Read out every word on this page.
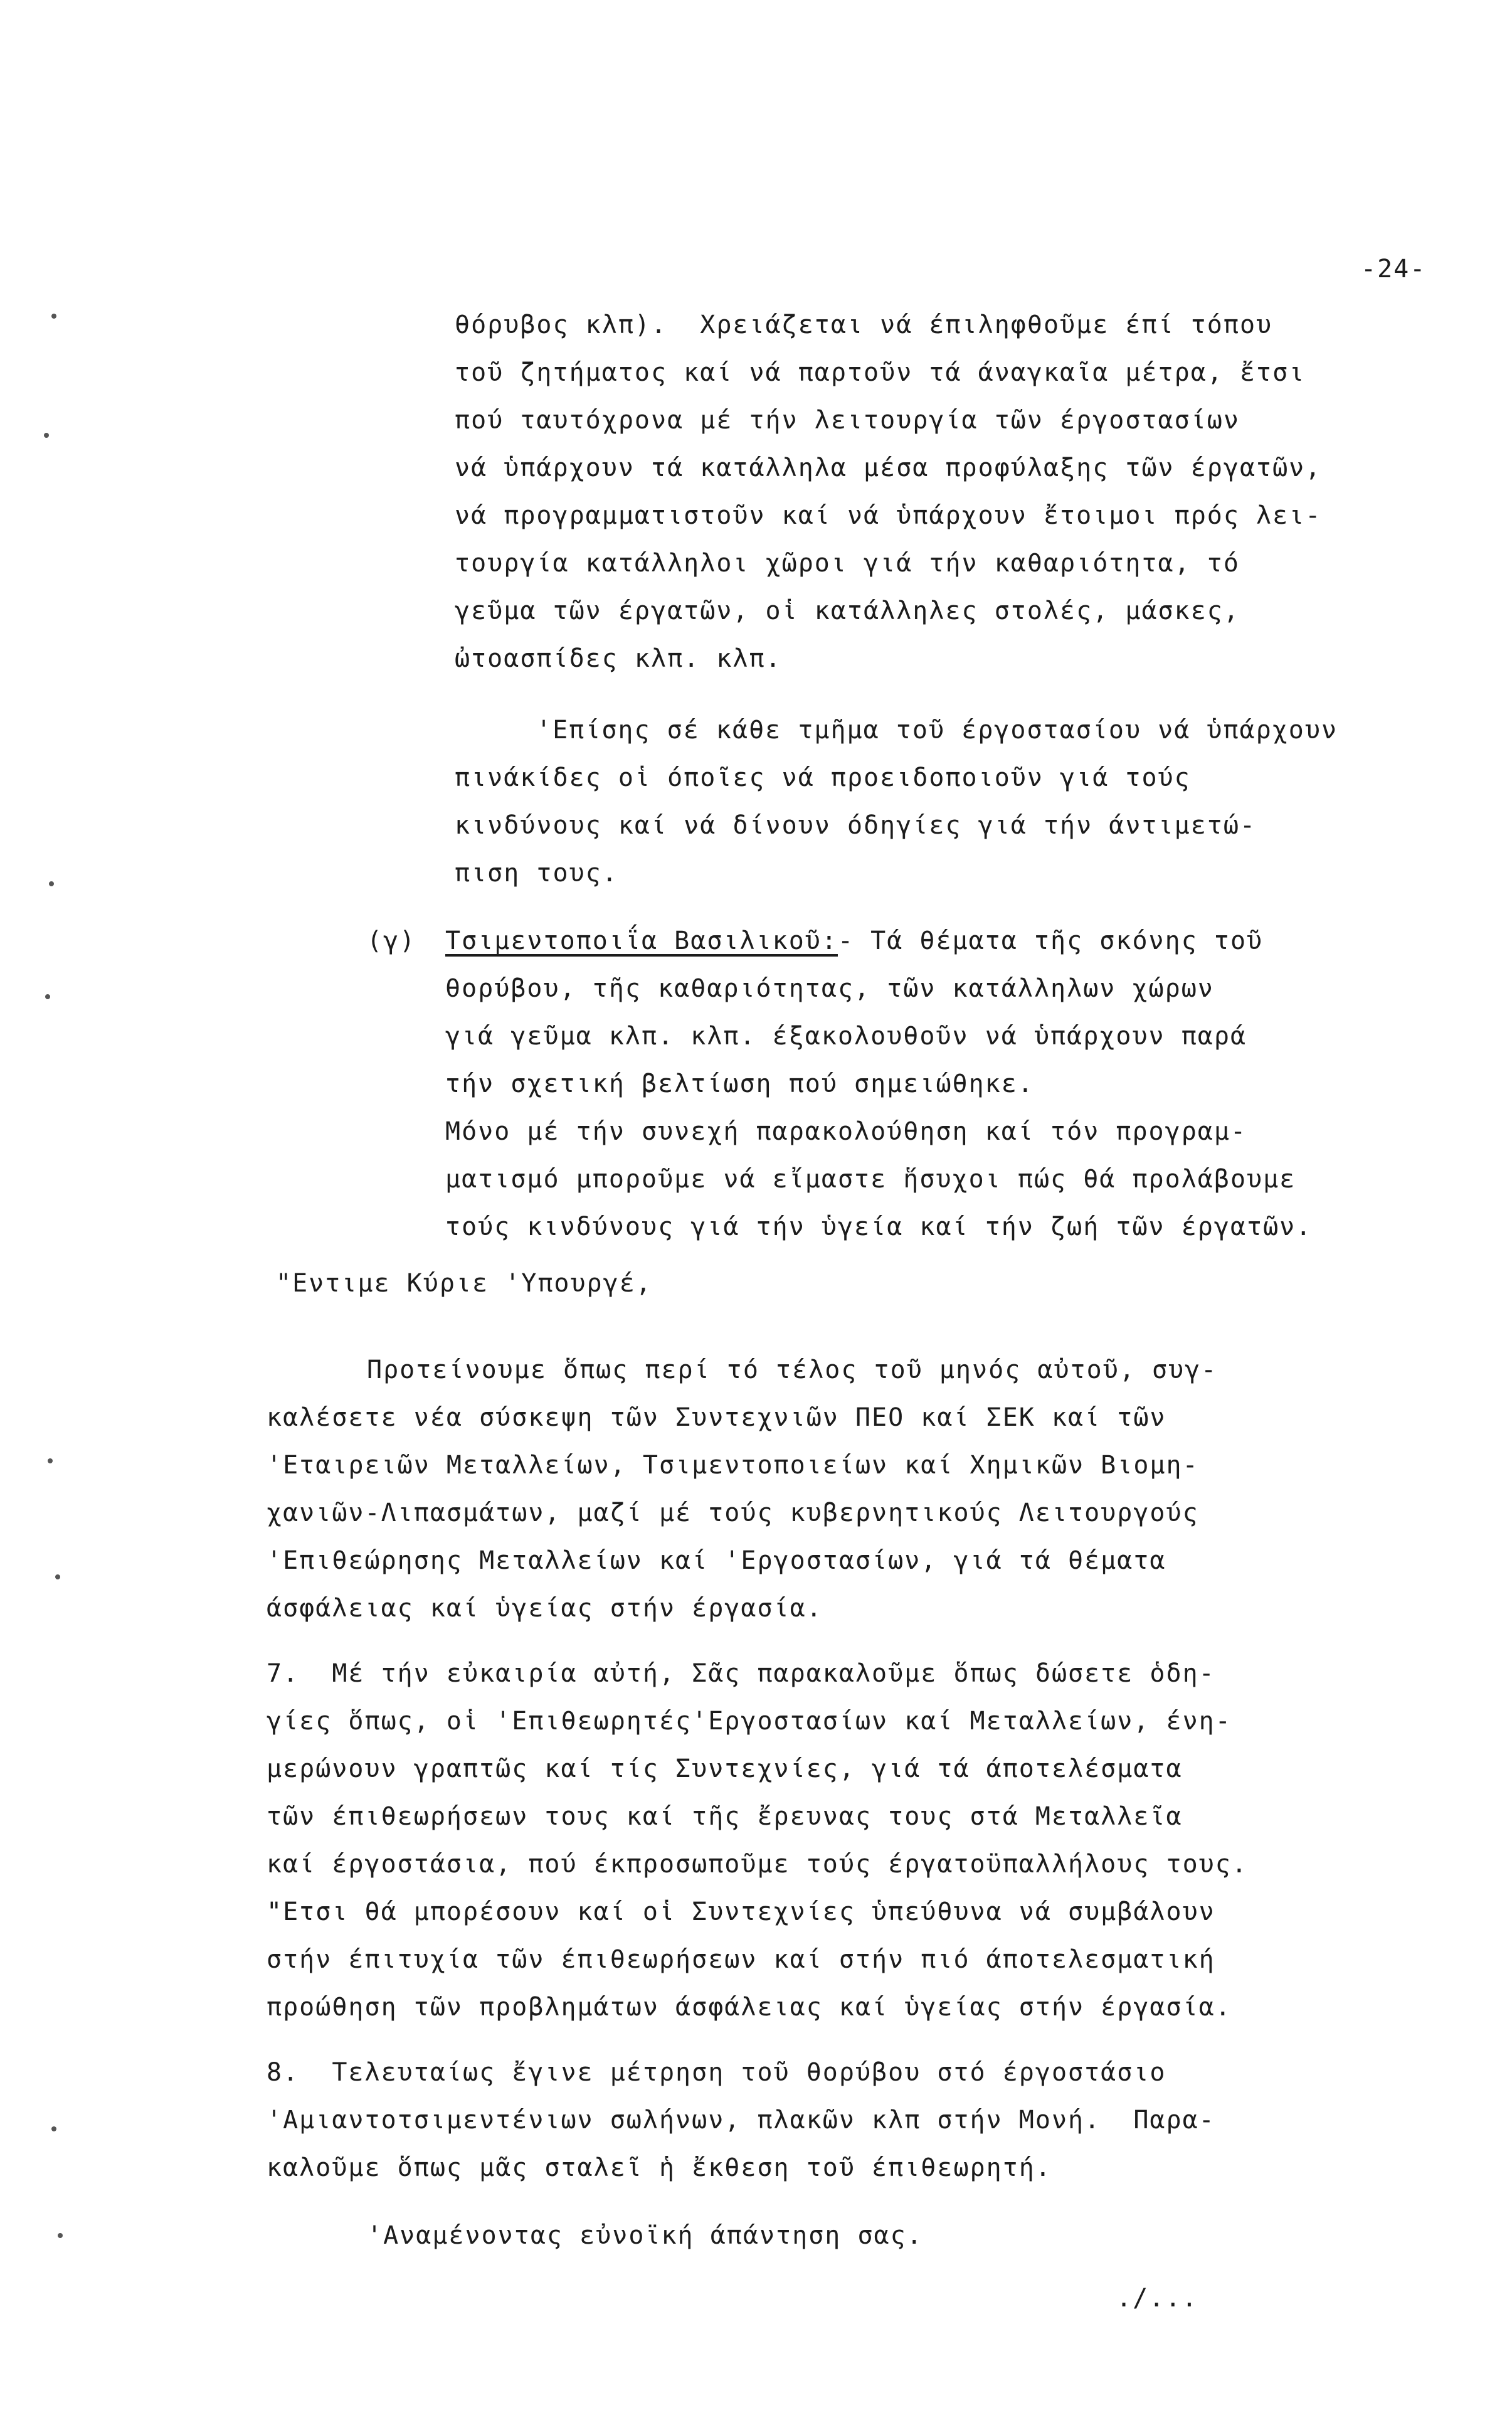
-24-

θόρυβος κλπ).  Χρειάζεται νά έπιληφθοῦμε έπί τόπου

τοῦ ζητήματος καί νά παρτοῦν τά άναγκαῖα μέτρα, ἔτσι

πού ταυτόχρονα μέ τήν λειτουργία τῶν έργοστασίων

νά ὑπάρχουν τά κατάλληλα μέσα προφύλαξης τῶν έργατῶν,

νά προγραμματιστοῦν καί νά ὑπάρχουν ἔτοιμοι πρός λει-

τουργία κατάλληλοι χῶροι γιά τήν καθαριότητα, τό

γεῦμα τῶν έργατῶν, οἱ κατάλληλες στολές, μάσκες,

ὠτοασπίδες κλπ. κλπ.

'Επίσης σέ κάθε τμῆμα τοῦ έργοστασίου νά ὑπάρχουν

πινάκίδες οἱ όποῖες νά προειδοποιοῦν γιά τούς

κινδύνους καί νά δίνουν όδηγίες γιά τήν άντιμετώ-

πιση τους.

(γ) Τσιμεντοποιΐα Βασιλικοῦ:- Τά θέματα τῆς σκόνης τοῦ

θορύβου, τῆς καθαριότητας, τῶν κατάλληλων χώρων

γιά γεῦμα κλπ. κλπ. έξακολουθοῦν νά ὑπάρχουν παρά

τήν σχετική βελτίωση πού σημειώθηκε.

Μόνο μέ τήν συνεχή παρακολούθηση καί τόν προγραμ-

ματισμό μποροῦμε νά εἴμαστε ἥσυχοι πώς θά προλάβουμε

τούς κινδύνους γιά τήν ὑγεία καί τήν ζωή τῶν έργατῶν.

"Εντιμε Κύριε 'Υπουργέ,

Προτείνουμε ὅπως περί τό τέλος τοῦ μηνός αὐτοῦ, συγ-

καλέσετε νέα σύσκεψη τῶν Συντεχνιῶν ΠΕΟ καί ΣΕΚ καί τῶν

'Εταιρειῶν Μεταλλείων, Τσιμεντοποιείων καί Χημικῶν Βιομη-

χανιῶν-Λιπασμάτων, μαζί μέ τούς κυβερνητικούς Λειτουργούς

'Επιθεώρησης Μεταλλείων καί 'Εργοστασίων, γιά τά θέματα

άσφάλειας καί ὑγείας στήν έργασία.

7.  Μέ τήν εὐκαιρία αὐτή, Σᾶς παρακαλοῦμε ὅπως δώσετε ὁδη-

γίες ὅπως, οἱ 'Επιθεωρητές'Εργοστασίων καί Μεταλλείων, ένη-

μερώνουν γραπτῶς καί τίς Συντεχνίες, γιά τά άποτελέσματα

τῶν έπιθεωρήσεων τους καί τῆς ἔρευνας τους στά Μεταλλεῖα

καί έργοστάσια, πού έκπροσωποῦμε τούς έργατοϋπαλλήλους τους.

"Ετσι θά μπορέσουν καί οἱ Συντεχνίες ὑπεύθυνα νά συμβάλουν

στήν έπιτυχία τῶν έπιθεωρήσεων καί στήν πιό άποτελεσματική

προώθηση τῶν προβλημάτων άσφάλειας καί ὑγείας στήν έργασία.

8.  Τελευταίως ἔγινε μέτρηση τοῦ θορύβου στό έργοστάσιο

'Αμιαντοτσιμεντένιων σωλήνων, πλακῶν κλπ στήν Μονή.  Παρα-

καλοῦμε ὅπως μᾶς σταλεῖ ἡ ἔκθεση τοῦ έπιθεωρητή.

'Αναμένοντας εὐνοϊκή άπάντηση σας.

./...
